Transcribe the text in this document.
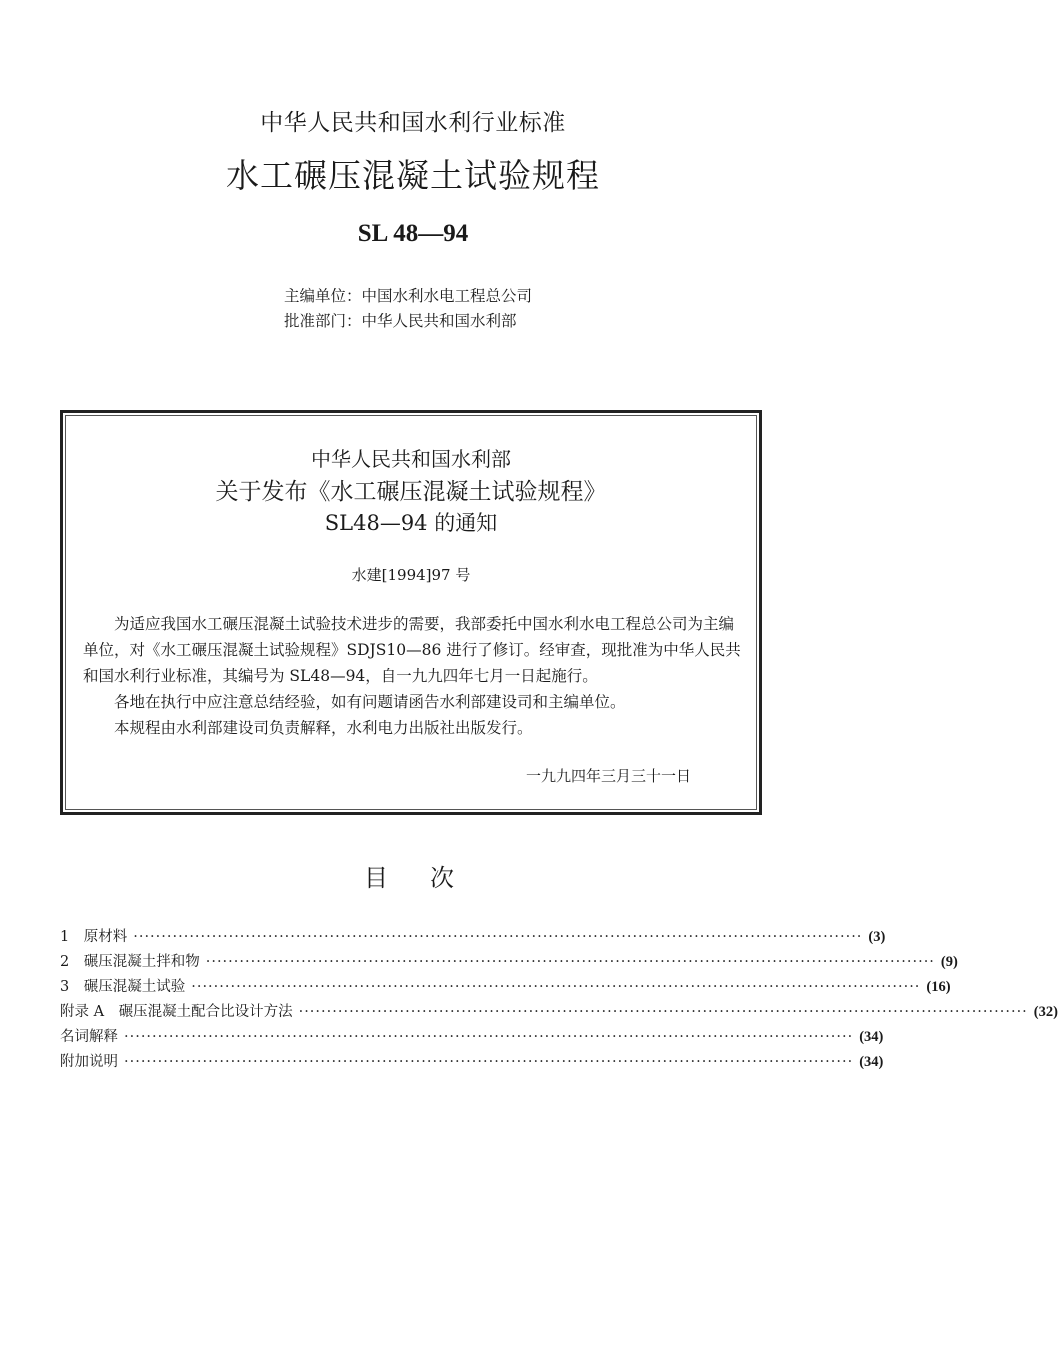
中华人民共和国水利行业标准
水工碾压混凝土试验规程
SL 48—94
主编单位：中国水利水电工程总公司
批准部门：中华人民共和国水利部
中华人民共和国水利部
关于发布《水工碾压混凝土试验规程》
SL48—94 的通知
水建[1994]97 号

为适应我国水工碾压混凝土试验技术进步的需要，我部委托中国水利水电工程总公司为主编单位，对《水工碾压混凝土试验规程》SDJS10—86 进行了修订。经审查，现批准为中华人民共和国水利行业标准，其编号为 SL48—94，自一九九四年七月一日起施行。

各地在执行中应注意总结经验，如有问题请函告水利部建设司和主编单位。

本规程由水利部建设司负责解释，水利电力出版社出版发行。

一九九四年三月三十一日
目次
1　原材料 ·································································································································· (3)
2　碾压混凝土拌和物 ·································································································································· (9)
3　碾压混凝土试验 ·································································································································· (16)
附录 A　碾压混凝土配合比设计方法 ·································································································································· (32)
名词解释 ·································································································································· (34)
附加说明 ·································································································································· (34)
